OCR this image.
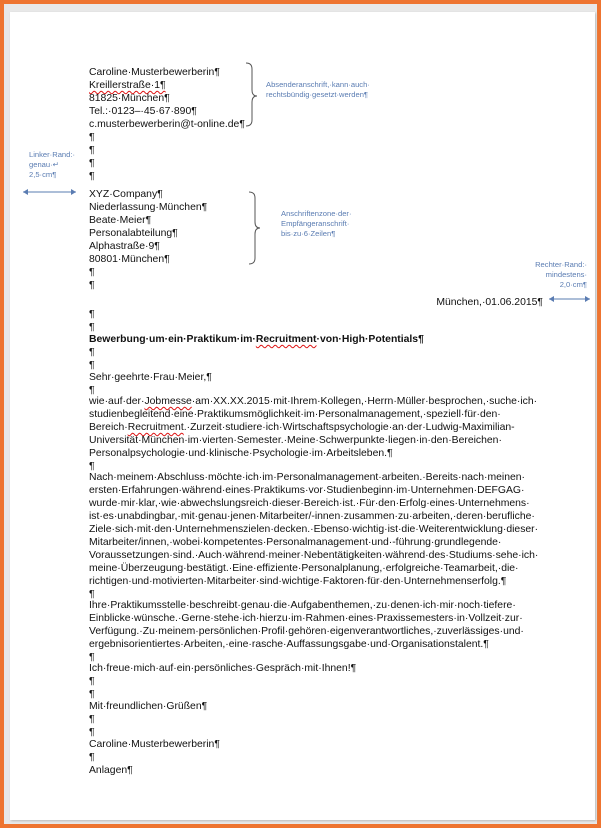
Caroline·Musterbewerberin¶
Kreillerstraße·1¶
81825·München¶
Tel.:·0123–·45·67·890¶
c.musterbewerberin@t-online.de¶
¶
¶
¶
¶
XYZ·Company¶
Niederlassung·München¶
Beate·Meier¶
Personalabteilung¶
Alphastraße·9¶
80801·München¶
¶
¶
München,·01.06.2015¶
¶
¶
Bewerbung·um·ein·Praktikum·im·Recruitment·von·High·Potentials¶
¶
¶
Sehr·geehrte·Frau·Meier,¶
¶
wie·auf·der·Jobmesse·am·XX.XX.2015·mit·Ihrem·Kollegen,·Herrn·Müller·besprochen,·suche·ich·
studienbegleitend·eine·Praktikumsmöglichkeit·im·Personalmanagement,·speziell·für·den·
Bereich·Recruitment.·Zurzeit·studiere·ich·Wirtschaftspsychologie·an·der·Ludwig-Maximilian-
Universität·München·im·vierten·Semester.·Meine·Schwerpunkte·liegen·in·den·Bereichen·
Personalpsychologie·und·klinische·Psychologie·im·Arbeitsleben.¶
¶
Nach·meinem·Abschluss·möchte·ich·im·Personalmanagement·arbeiten.·Bereits·nach·meinen·
ersten·Erfahrungen·während·eines·Praktikums·vor·Studienbeginn·im·Unternehmen·DEFGAG·
wurde·mir·klar,·wie·abwechslungsreich·dieser·Bereich·ist.·Für·den·Erfolg·eines·Unternehmens·
ist·es·unabdingbar,·mit·genau·jenen·Mitarbeiter/-innen·zusammen·zu·arbeiten,·deren·berufliche·
Ziele·sich·mit·den·Unternehmenszielen·decken.·Ebenso·wichtig·ist·die·Weiterentwicklung·dieser·
Mitarbeiter/innen,·wobei·kompetentes·Personalmanagement·und·-führung·grundlegende·
Voraussetzungen·sind.·Auch·während·meiner·Nebentätigkeiten·während·des·Studiums·sehe·ich·
meine·Überzeugung·bestätigt.·Eine·effiziente·Personalplanung,·erfolgreiche·Teamarbeit,·die·
richtigen·und·motivierten·Mitarbeiter·sind·wichtige·Faktoren·für·den·Unternehmenserfolg.¶
¶
Ihre·Praktikumsstelle·beschreibt·genau·die·Aufgabenthemen,·zu·denen·ich·mir·noch·tiefere·
Einblicke·wünsche.·Gerne·stehe·ich·hierzu·im·Rahmen·eines·Praxissemesters·in·Vollzeit·zur·
Verfügung.·Zu·meinem·persönlichen·Profil·gehören·eigenverantwortliches,·zuverlässiges·und·
ergebnisorientiertes·Arbeiten,·eine·rasche·Auffassungsgabe·und·Organisationstalent.¶
¶
Ich·freue·mich·auf·ein·persönliches·Gespräch·mit·Ihnen!¶
¶
¶
Mit·freundlichen·Grüßen¶
¶
¶
Caroline·Musterbewerberin¶
¶
Anlagen¶
Absenderanschrift,·kann·auch·
rechtsbündig·gesetzt·werden¶
Linker·Rand:·
genau·↵
2,5·cm¶
Anschriftenzone·der·
Empfängeranschrift·
bis·zu·6·Zeilen¶
Rechter·Rand:·
mindestens·
2,0·cm¶
